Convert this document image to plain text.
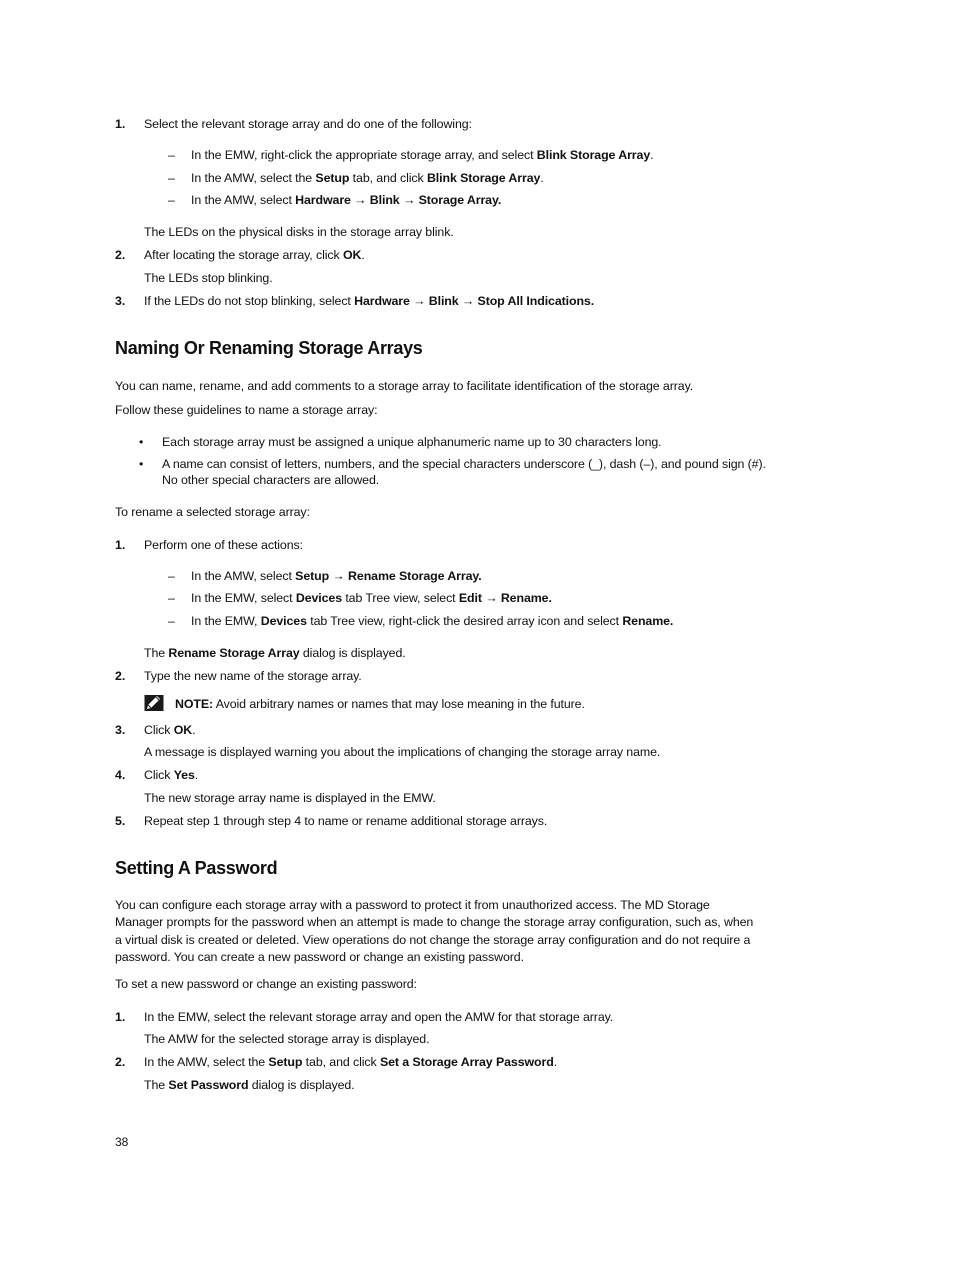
1. Select the relevant storage array and do one of the following:
– In the EMW, right-click the appropriate storage array, and select Blink Storage Array.
– In the AMW, select the Setup tab, and click Blink Storage Array.
– In the AMW, select Hardware → Blink → Storage Array.
The LEDs on the physical disks in the storage array blink.
2. After locating the storage array, click OK.
The LEDs stop blinking.
3. If the LEDs do not stop blinking, select Hardware → Blink → Stop All Indications.
Naming Or Renaming Storage Arrays
You can name, rename, and add comments to a storage array to facilitate identification of the storage array.
Follow these guidelines to name a storage array:
• Each storage array must be assigned a unique alphanumeric name up to 30 characters long.
• A name can consist of letters, numbers, and the special characters underscore (_), dash (–), and pound sign (#).
No other special characters are allowed.
To rename a selected storage array:
1. Perform one of these actions:
– In the AMW, select Setup → Rename Storage Array.
– In the EMW, select Devices tab Tree view, select Edit → Rename.
– In the EMW, Devices tab Tree view, right-click the desired array icon and select Rename.
The Rename Storage Array dialog is displayed.
2. Type the new name of the storage array.
NOTE: Avoid arbitrary names or names that may lose meaning in the future.
3. Click OK.
A message is displayed warning you about the implications of changing the storage array name.
4. Click Yes.
The new storage array name is displayed in the EMW.
5. Repeat step 1 through step 4 to name or rename additional storage arrays.
Setting A Password
You can configure each storage array with a password to protect it from unauthorized access. The MD Storage
Manager prompts for the password when an attempt is made to change the storage array configuration, such as, when
a virtual disk is created or deleted. View operations do not change the storage array configuration and do not require a
password. You can create a new password or change an existing password.
To set a new password or change an existing password:
1. In the EMW, select the relevant storage array and open the AMW for that storage array.
The AMW for the selected storage array is displayed.
2. In the AMW, select the Setup tab, and click Set a Storage Array Password.
The Set Password dialog is displayed.
38
